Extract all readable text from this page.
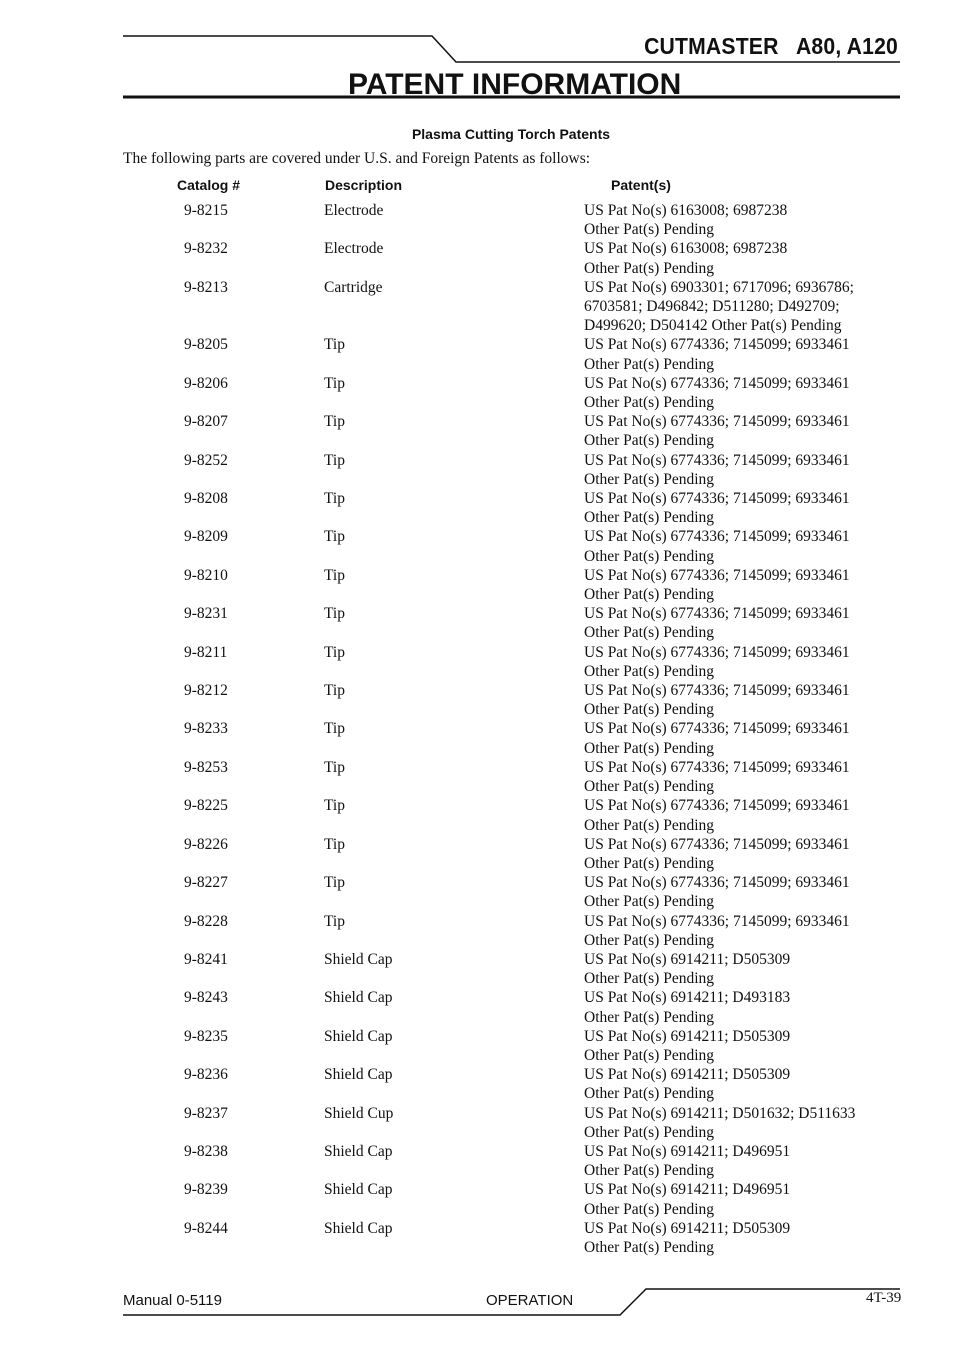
CUTMASTER   A80, A120
PATENT INFORMATION
Plasma Cutting Torch Patents
The following parts are covered under U.S. and Foreign Patents as follows:
Catalog #	Description	Patent(s)
9-8215	Electrode	US Pat No(s) 6163008; 6987238
Other Pat(s) Pending
9-8232	Electrode	US Pat No(s) 6163008; 6987238
Other Pat(s) Pending
9-8213	Cartridge	US Pat No(s) 6903301; 6717096; 6936786;
6703581; D496842; D511280; D492709;
D499620; D504142 Other Pat(s) Pending
9-8205	Tip	US Pat No(s) 6774336; 7145099; 6933461
Other Pat(s) Pending
9-8206	Tip	US Pat No(s) 6774336; 7145099; 6933461
Other Pat(s) Pending
9-8207	Tip	US Pat No(s) 6774336; 7145099; 6933461
Other Pat(s) Pending
9-8252	Tip	US Pat No(s) 6774336; 7145099; 6933461
Other Pat(s) Pending
9-8208	Tip	US Pat No(s) 6774336; 7145099; 6933461
Other Pat(s) Pending
9-8209	Tip	US Pat No(s) 6774336; 7145099; 6933461
Other Pat(s) Pending
9-8210	Tip	US Pat No(s) 6774336; 7145099; 6933461
Other Pat(s) Pending
9-8231	Tip	US Pat No(s) 6774336; 7145099; 6933461
Other Pat(s) Pending
9-8211	Tip	US Pat No(s) 6774336; 7145099; 6933461
Other Pat(s) Pending
9-8212	Tip	US Pat No(s) 6774336; 7145099; 6933461
Other Pat(s) Pending
9-8233	Tip	US Pat No(s) 6774336; 7145099; 6933461
Other Pat(s) Pending
9-8253	Tip	US Pat No(s) 6774336; 7145099; 6933461
Other Pat(s) Pending
9-8225	Tip	US Pat No(s) 6774336; 7145099; 6933461
Other Pat(s) Pending
9-8226	Tip	US Pat No(s) 6774336; 7145099; 6933461
Other Pat(s) Pending
9-8227	Tip	US Pat No(s) 6774336; 7145099; 6933461
Other Pat(s) Pending
9-8228	Tip	US Pat No(s) 6774336; 7145099; 6933461
Other Pat(s) Pending
9-8241	Shield Cap	US Pat No(s) 6914211; D505309
Other Pat(s) Pending
9-8243	Shield Cap	US Pat No(s) 6914211; D493183
Other Pat(s) Pending
9-8235	Shield Cap	US Pat No(s) 6914211; D505309
Other Pat(s) Pending
9-8236	Shield Cap	US Pat No(s) 6914211; D505309
Other Pat(s) Pending
9-8237	Shield Cup	US Pat No(s) 6914211; D501632; D511633
Other Pat(s) Pending
9-8238	Shield Cap	US Pat No(s) 6914211; D496951
Other Pat(s) Pending
9-8239	Shield Cap	US Pat No(s) 6914211; D496951
Other Pat(s) Pending
9-8244	Shield Cap	US Pat No(s) 6914211; D505309
Other Pat(s) Pending
Manual 0-5119	OPERATION	4T-39
